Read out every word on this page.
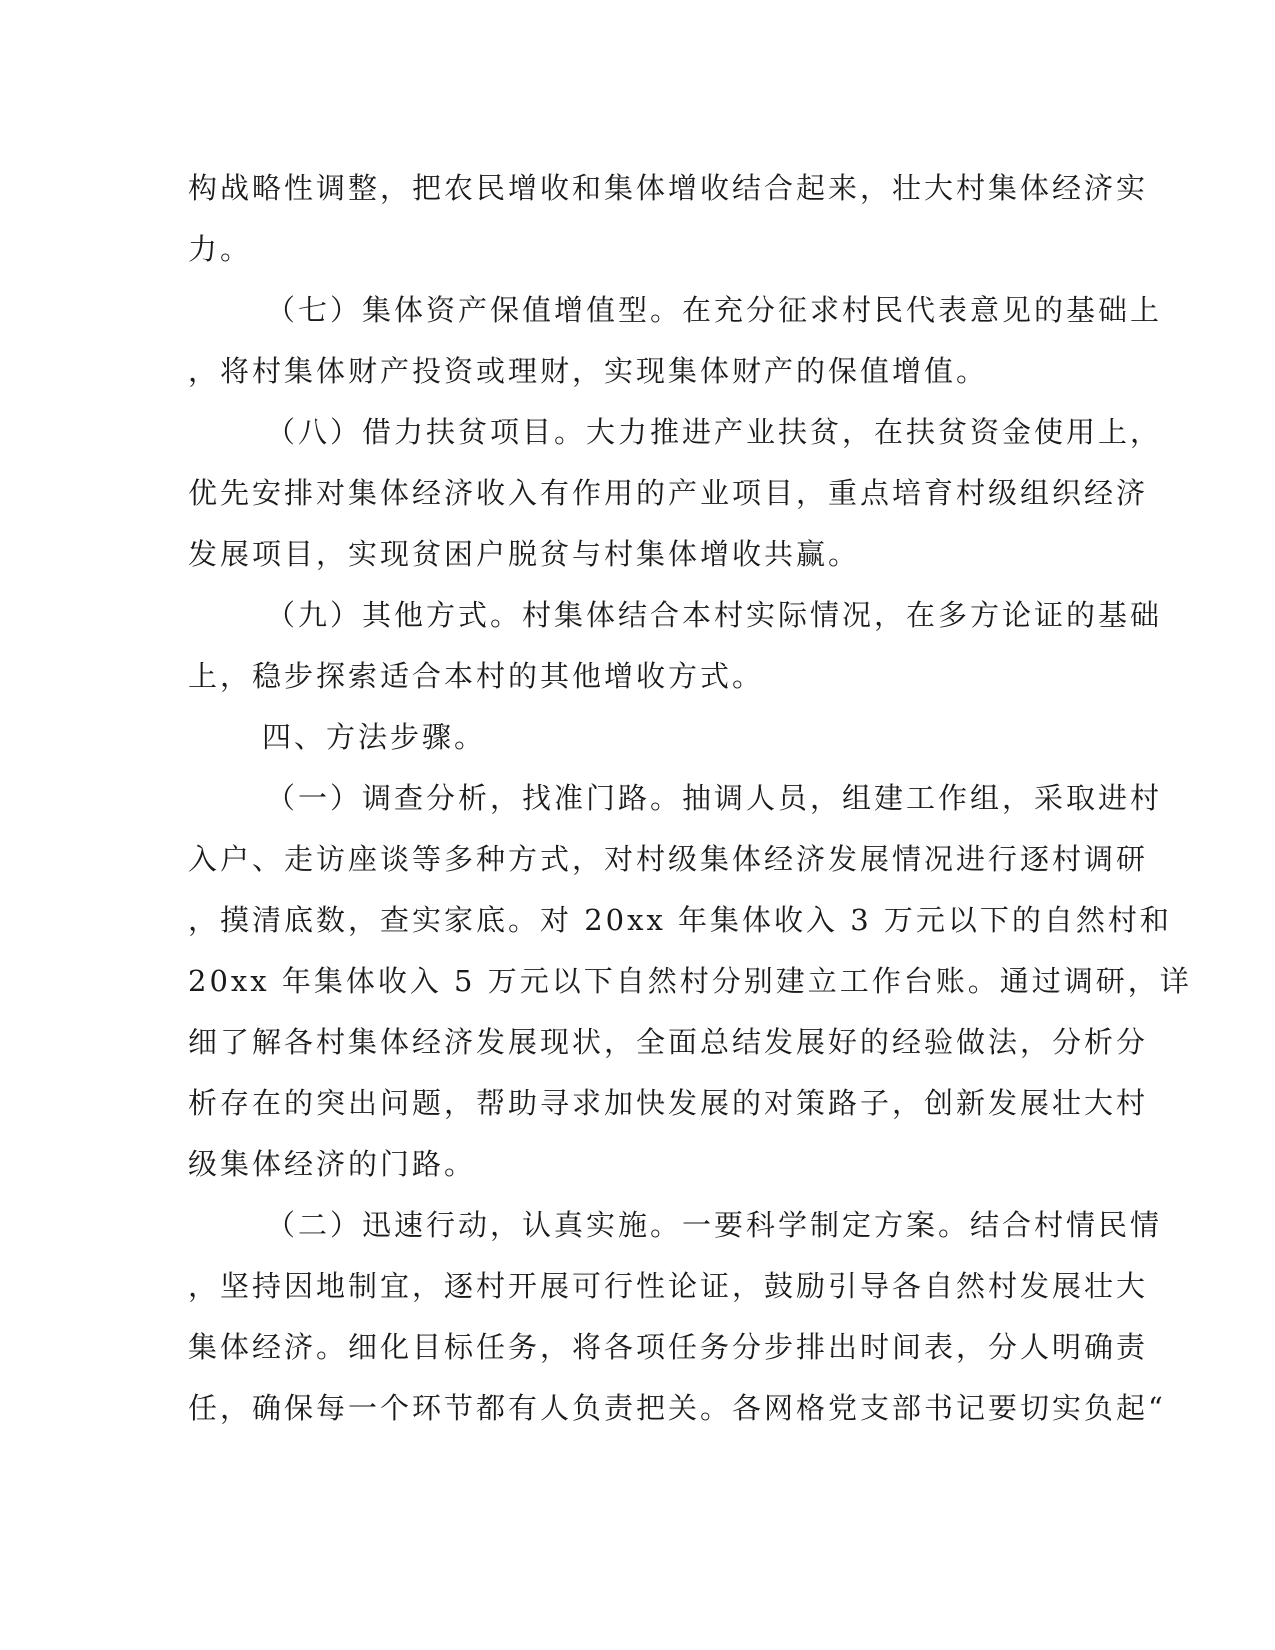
构战略性调整，把农民增收和集体增收结合起来，壮大村集体经济实
力。
（七）集体资产保值增值型。在充分征求村民代表意见的基础上
，将村集体财产投资或理财，实现集体财产的保值增值。
（八）借力扶贫项目。大力推进产业扶贫，在扶贫资金使用上，
优先安排对集体经济收入有作用的产业项目，重点培育村级组织经济
发展项目，实现贫困户脱贫与村集体增收共赢。
（九）其他方式。村集体结合本村实际情况，在多方论证的基础
上，稳步探索适合本村的其他增收方式。
四、方法步骤。
（一）调查分析，找准门路。抽调人员，组建工作组，采取进村
入户、走访座谈等多种方式，对村级集体经济发展情况进行逐村调研
，摸清底数，查实家底。对 20xx 年集体收入 3 万元以下的自然村和
20xx 年集体收入 5 万元以下自然村分别建立工作台账。通过调研，详
细了解各村集体经济发展现状，全面总结发展好的经验做法，分析分
析存在的突出问题，帮助寻求加快发展的对策路子，创新发展壮大村
级集体经济的门路。
（二）迅速行动，认真实施。一要科学制定方案。结合村情民情
，坚持因地制宜，逐村开展可行性论证，鼓励引导各自然村发展壮大
集体经济。细化目标任务，将各项任务分步排出时间表，分人明确责
任，确保每一个环节都有人负责把关。各网格党支部书记要切实负起“
